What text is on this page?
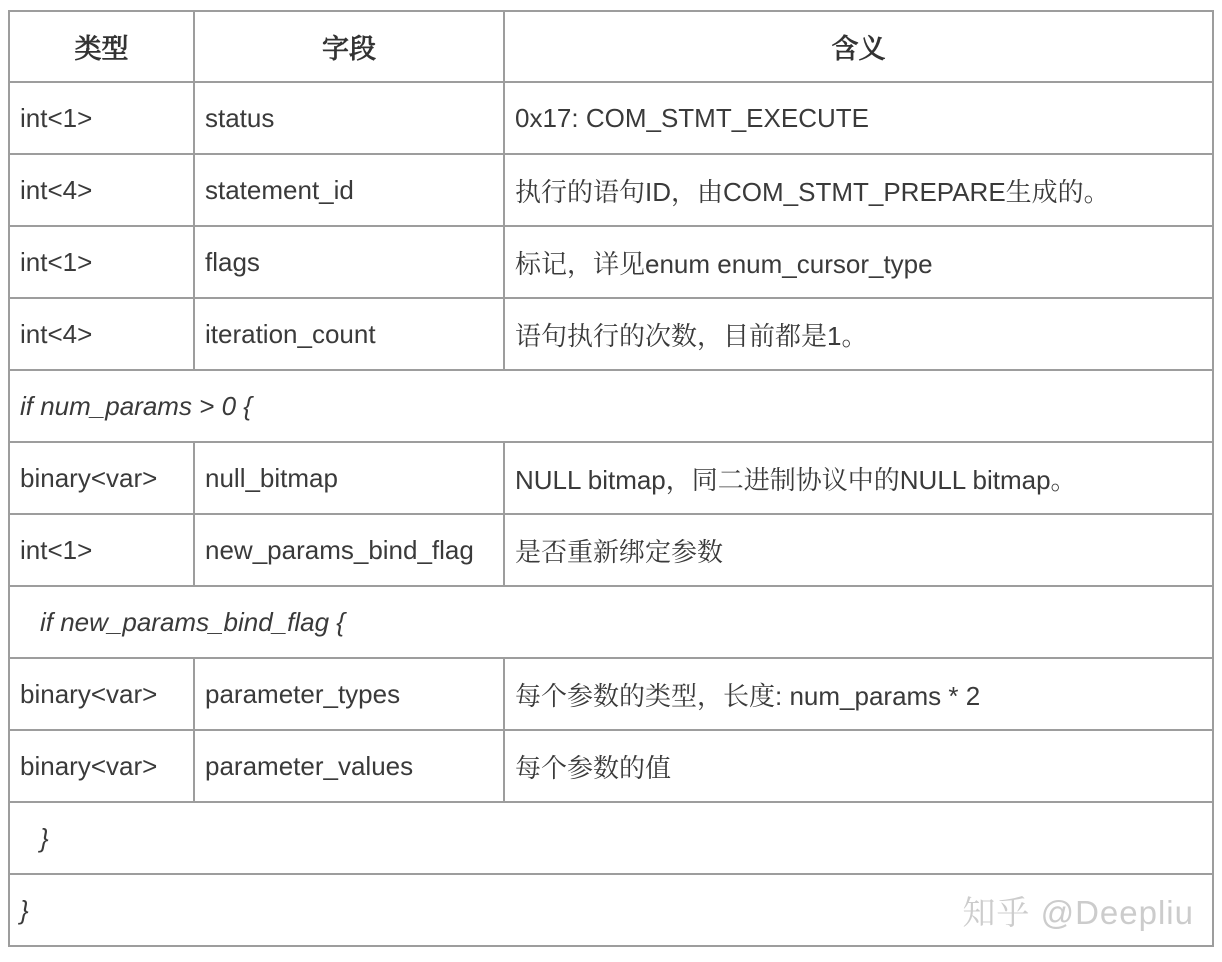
类型	字段	含义
int<1>	status	0x17: COM_STMT_EXECUTE
int<4>	statement_id	执行的语句ID，由COM_STMT_PREPARE生成的。
int<1>	flags	标记，详见enum enum_cursor_type
int<4>	iteration_count	语句执行的次数，目前都是1。
if num_params > 0 {		
binary<var>	null_bitmap	NULL bitmap，同二进制协议中的NULL bitmap。
int<1>	new_params_bind_flag	是否重新绑定参数
if new_params_bind_flag {		
binary<var>	parameter_types	每个参数的类型，长度: num_params * 2
binary<var>	parameter_values	每个参数的值
}		

} 知乎 @Deepliu		
